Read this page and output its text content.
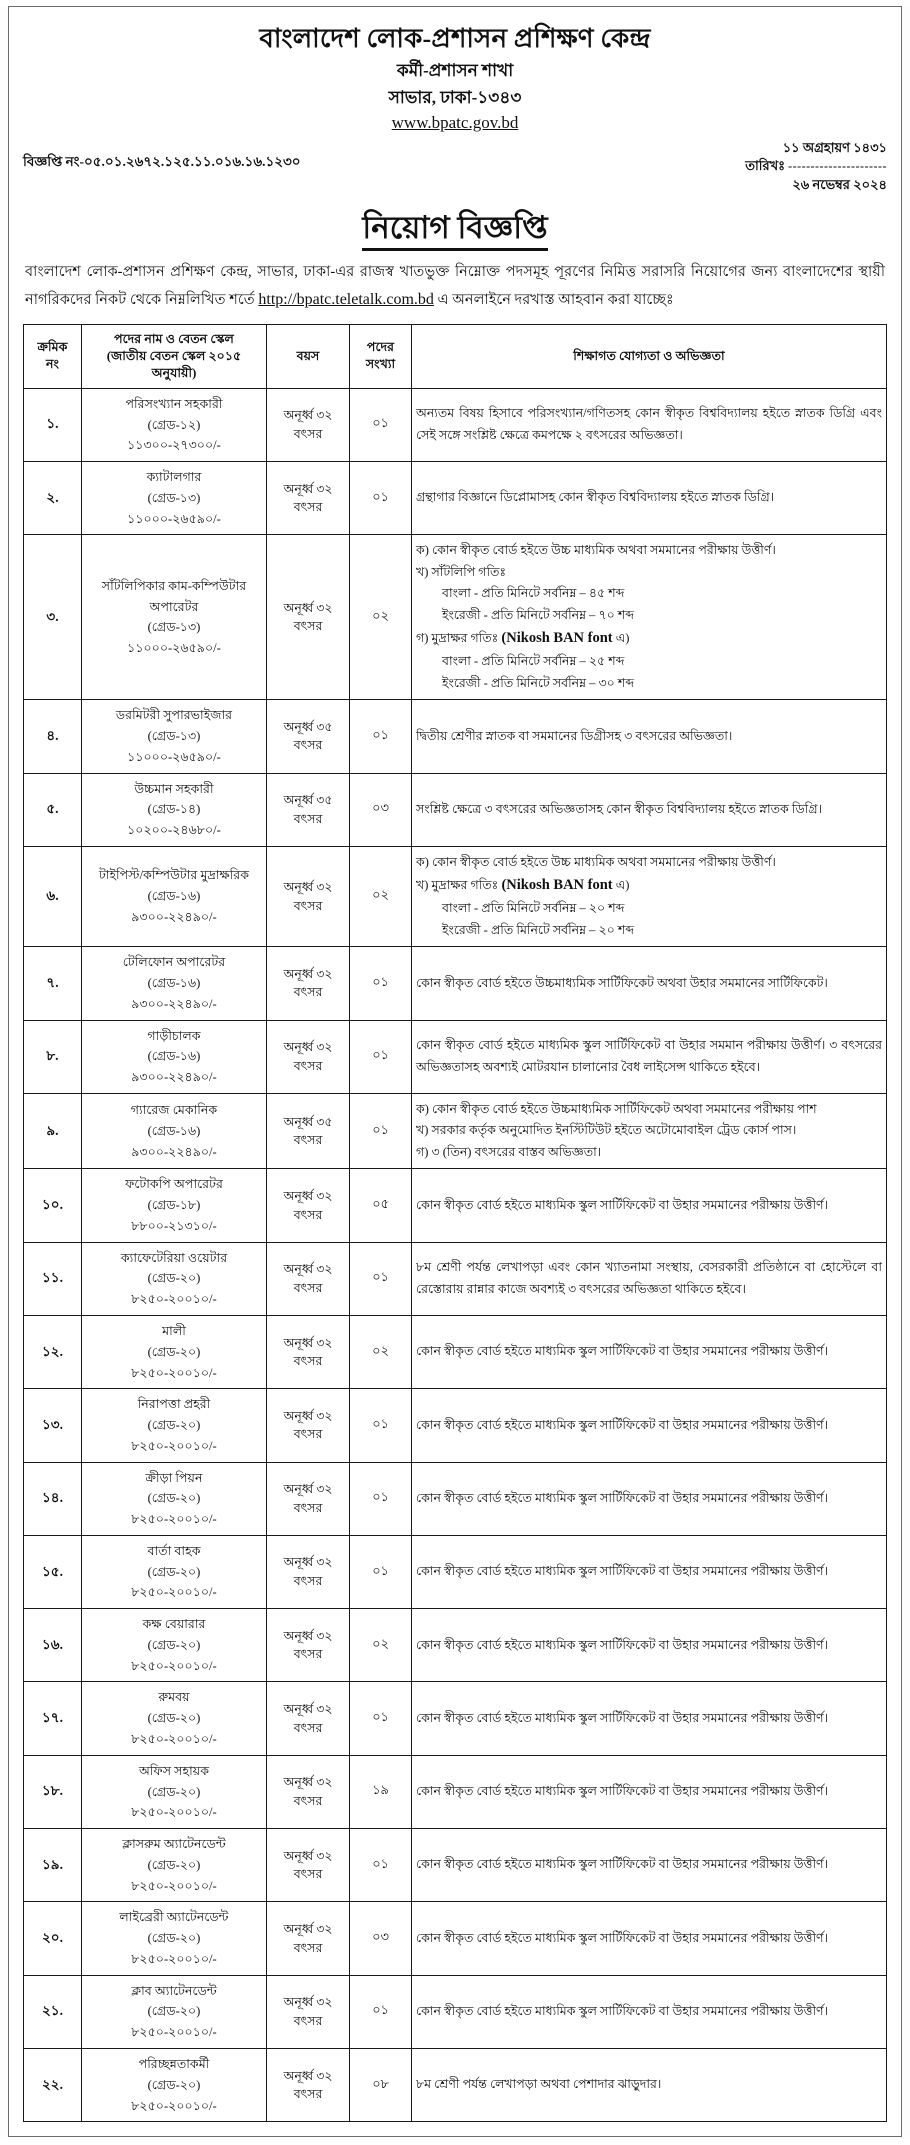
বাংলাদেশ লোক-প্রশাসন প্রশিক্ষণ কেন্দ্র
কর্মী-প্রশাসন শাখা
সাভার, ঢাকা-১৩৪৩
www.bpatc.gov.bd
বিজ্ঞপ্তি নং-০৫.০১.২৬৭২.১২৫.১১.০১৬.১৬.১২৩০
১১ অগ্রহায়ণ ১৪৩১
তারিখঃ ----------------------
২৬ নভেম্বর ২০২৪
নিয়োগ বিজ্ঞপ্তি

বাংলাদেশ লোক-প্রশাসন প্রশিক্ষণ কেন্দ্র, সাভার, ঢাকা-এর রাজস্ব খাতভুক্ত নিম্নোক্ত পদসমূহ পূরণের নিমিত্ত সরাসরি নিয়োগের জন্য বাংলাদেশের স্থায়ী নাগরিকদের নিকট থেকে নিম্নলিখিত শর্তে http://bpatc.teletalk.com.bd এ অনলাইনে দরখাস্ত আহবান করা যাচ্ছেঃ

ক্রমিক
নং	পদের নাম ও বেতন স্কেল
(জাতীয় বেতন স্কেল ২০১৫
অনুযায়ী)	বয়স	পদের
সংখ্যা	শিক্ষাগত যোগ্যতা ও অভিজ্ঞতা
১.	পরিসংখ্যান সহকারী
(গ্রেড-১২)
১১৩০০-২৭৩০০/-	অনূর্ধ্ব ৩২
বৎসর	০১	অন্যতম বিষয় হিসাবে পরিসংখ্যান/গণিতসহ কোন স্বীকৃত বিশ্ববিদ্যালয় হইতে স্নাতক ডিগ্রি এবং সেই সঙ্গে সংশ্লিষ্ট ক্ষেত্রে কমপক্ষে ২ বৎসরের অভিজ্ঞতা।

২.	ক্যাটালগার
(গ্রেড-১৩)
১১০০০-২৬৫৯০/-	অনূর্ধ্ব ৩২
বৎসর	০১	গ্রন্থাগার বিজ্ঞানে ডিপ্লোমাসহ কোন স্বীকৃত বিশ্ববিদ্যালয় হইতে স্নাতক ডিগ্রি।

৩.	
সাঁটলিপিকার কাম-কম্পিউটার অপারেটর
(গ্রেড-১৩)
১১০০০-২৬৫৯০/-

অনূর্ধ্ব ৩২
বৎসর
	০২	
ক) কোন স্বীকৃত বোর্ড হইতে উচ্চ মাধ্যমিক অথবা সমমানের পরীক্ষায় উত্তীর্ণ।
খ) সাঁটলিপি গতিঃ
বাংলা - প্রতি মিনিটে সর্বনিম্ন – ৪৫ শব্দ
ইংরেজী - প্রতি মিনিটে সর্বনিম্ন – ৭০ শব্দ
গ) মুদ্রাক্ষর গতিঃ (Nikosh BAN font এ)
বাংলা - প্রতি মিনিটে সর্বনিম্ন – ২৫ শব্দ
ইংরেজী - প্রতি মিনিটে সর্বনিম্ন – ৩০ শব্দ

৪.	ডরমিটরী সুপারভাইজার
(গ্রেড-১৩)
১১০০০-২৬৫৯০/-	অনূর্ধ্ব ৩৫
বৎসর	০১	দ্বিতীয় শ্রেণীর স্নাতক বা সমমানের ডিগ্রীসহ ৩ বৎসরের অভিজ্ঞতা।

৫.	উচ্চমান সহকারী
(গ্রেড-১৪)
১০২০০-২৪৬৮০/-	অনূর্ধ্ব ৩৫
বৎসর	০৩	সংশ্লিষ্ট ক্ষেত্রে ৩ বৎসরের অভিজ্ঞতাসহ কোন স্বীকৃত বিশ্ববিদ্যালয় হইতে স্নাতক ডিগ্রি।

৬.	টাইপিস্ট/কম্পিউটার মুদ্রাক্ষরিক
(গ্রেড-১৬)
৯৩০০-২২৪৯০/-	অনূর্ধ্ব ৩২
বৎসর	০২	ক) কোন স্বীকৃত বোর্ড হইতে উচ্চ মাধ্যমিক অথবা সমমানের পরীক্ষায় উত্তীর্ণ।
খ) মুদ্রাক্ষর গতিঃ (Nikosh BAN font এ)
বাংলা - প্রতি মিনিটে সর্বনিম্ন – ২০ শব্দ
ইংরেজী - প্রতি মিনিটে সর্বনিম্ন – ২০ শব্দ

৭.	টেলিফোন অপারেটর
(গ্রেড-১৬)
৯৩০০-২২৪৯০/-	অনূর্ধ্ব ৩২
বৎসর	০১	কোন স্বীকৃত বোর্ড হইতে উচ্চমাধ্যমিক সার্টিফিকেট অথবা উহার সমমানের সার্টিফিকেট।

৮.	গাড়ীচালক
(গ্রেড-১৬)
৯৩০০-২২৪৯০/-	অনূর্ধ্ব ৩২
বৎসর	০১	কোন স্বীকৃত বোর্ড হইতে মাধ্যমিক স্কুল সার্টিফিকেট বা উহার সমমান পরীক্ষায় উত্তীর্ণ। ৩ বৎসরের অভিজ্ঞতাসহ অবশ্যই মোটরযান চালানোর বৈধ লাইসেন্স থাকিতে হইবে।

৯.	গ্যারেজ মেকানিক
(গ্রেড-১৬)
৯৩০০-২২৪৯০/-	অনূর্ধ্ব ৩৫
বৎসর	০১	ক) কোন স্বীকৃত বোর্ড হইতে উচ্চমাধ্যমিক সার্টিফিকেট অথবা সমমানের পরীক্ষায় পাশ
খ) সরকার কর্তৃক অনুমোদিত ইনস্টিটিউট হইতে অটোমোবাইল ট্রেড কোর্স পাস।
গ) ৩ (তিন) বৎসরের বাস্তব অভিজ্ঞতা।

১০.	ফটোকপি অপারেটর
(গ্রেড-১৮)
৮৮০০-২১৩১০/-	অনূর্ধ্ব ৩২
বৎসর	০৫	কোন স্বীকৃত বোর্ড হইতে মাধ্যমিক স্কুল সার্টিফিকেট বা উহার সমমানের পরীক্ষায় উত্তীর্ণ।

১১.	ক্যাফেটেরিয়া ওয়েটার
(গ্রেড-২০)
৮২৫০-২০০১০/-	অনূর্ধ্ব ৩২
বৎসর	০১	৮ম শ্রেণী পর্যন্ত লেখাপড়া এবং কোন খ্যাতনামা সংস্থায়, বেসরকারী প্রতিষ্ঠানে বা হোস্টেলে বা রেস্তোরায় রান্নার কাজে অবশ্যই ৩ বৎসরের অভিজ্ঞতা থাকিতে হইবে।

১২.	মালী
(গ্রেড-২০)
৮২৫০-২০০১০/-	অনূর্ধ্ব ৩২
বৎসর	০২	কোন স্বীকৃত বোর্ড হইতে মাধ্যমিক স্কুল সার্টিফিকেট বা উহার সমমানের পরীক্ষায় উত্তীর্ণ।

১৩.	নিরাপত্তা প্রহরী
(গ্রেড-২০)
৮২৫০-২০০১০/-	অনূর্ধ্ব ৩২
বৎসর	০১	কোন স্বীকৃত বোর্ড হইতে মাধ্যমিক স্কুল সার্টিফিকেট বা উহার সমমানের পরীক্ষায় উত্তীর্ণ।

১৪.	ক্রীড়া পিয়ন
(গ্রেড-২০)
৮২৫০-২০০১০/-	অনূর্ধ্ব ৩২
বৎসর	০১	কোন স্বীকৃত বোর্ড হইতে মাধ্যমিক স্কুল সার্টিফিকেট বা উহার সমমানের পরীক্ষায় উত্তীর্ণ।

১৫.	বার্তা বাহক
(গ্রেড-২০)
৮২৫০-২০০১০/-	অনূর্ধ্ব ৩২
বৎসর	০১	কোন স্বীকৃত বোর্ড হইতে মাধ্যমিক স্কুল সার্টিফিকেট বা উহার সমমানের পরীক্ষায় উত্তীর্ণ।

১৬.	কক্ষ বেয়ারার
(গ্রেড-২০)
৮২৫০-২০০১০/-	অনূর্ধ্ব ৩২
বৎসর	০২	কোন স্বীকৃত বোর্ড হইতে মাধ্যমিক স্কুল সার্টিফিকেট বা উহার সমমানের পরীক্ষায় উত্তীর্ণ।

১৭.	রুমবয়
(গ্রেড-২০)
৮২৫০-২০০১০/-	অনূর্ধ্ব ৩২
বৎসর	০১	কোন স্বীকৃত বোর্ড হইতে মাধ্যমিক স্কুল সার্টিফিকেট বা উহার সমমানের পরীক্ষায় উত্তীর্ণ।

১৮.	অফিস সহায়ক
(গ্রেড-২০)
৮২৫০-২০০১০/-	অনূর্ধ্ব ৩২
বৎসর	১৯	কোন স্বীকৃত বোর্ড হইতে মাধ্যমিক স্কুল সার্টিফিকেট বা উহার সমমানের পরীক্ষায় উত্তীর্ণ।

১৯.	ক্লাসরুম অ্যাটেনডেন্ট
(গ্রেড-২০)
৮২৫০-২০০১০/-	অনূর্ধ্ব ৩২
বৎসর	০১	কোন স্বীকৃত বোর্ড হইতে মাধ্যমিক স্কুল সার্টিফিকেট বা উহার সমমানের পরীক্ষায় উত্তীর্ণ।

২০.	লাইব্রেরী অ্যাটেনডেন্ট
(গ্রেড-২০)
৮২৫০-২০০১০/-	অনূর্ধ্ব ৩২
বৎসর	০৩	কোন স্বীকৃত বোর্ড হইতে মাধ্যমিক স্কুল সার্টিফিকেট বা উহার সমমানের পরীক্ষায় উত্তীর্ণ।

২১.	ক্লাব অ্যাটেনডেন্ট
(গ্রেড-২০)
৮২৫০-২০০১০/-	অনূর্ধ্ব ৩২
বৎসর	০১	কোন স্বীকৃত বোর্ড হইতে মাধ্যমিক স্কুল সার্টিফিকেট বা উহার সমমানের পরীক্ষায় উত্তীর্ণ।

২২.	পরিচ্ছন্নতাকর্মী
(গ্রেড-২০)
৮২৫০-২০০১০/-	অনূর্ধ্ব ৩২
বৎসর	০৮	৮ম শ্রেণী পর্যন্ত লেখাপড়া অথবা পেশাদার ঝাড়ুদার।
